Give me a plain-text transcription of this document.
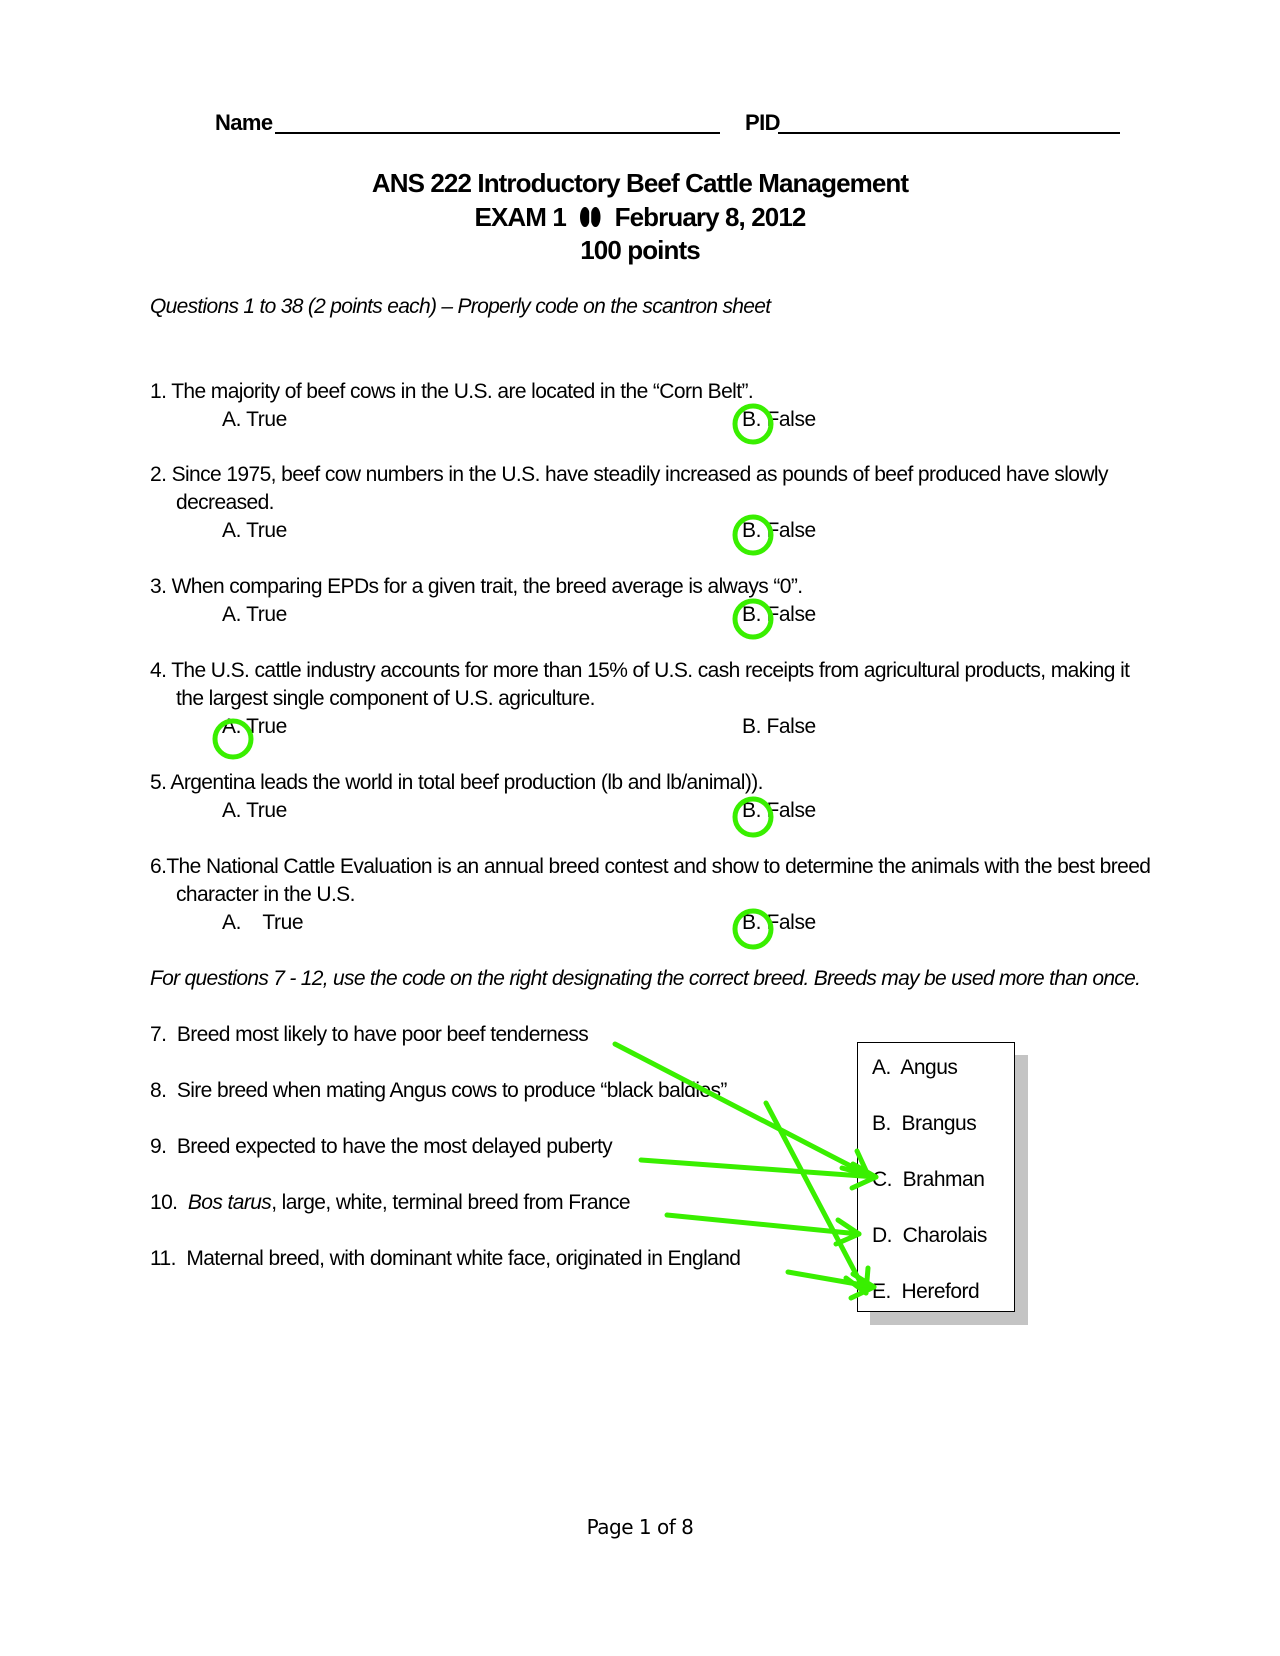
Name	PID
ANS 222 Introductory Beef Cattle Management
EXAM 1 February 8, 2012
100 points
Questions 1 to 38 (2 points each) – Properly code on the scantron sheet
1. The majority of beef cows in the U.S. are located in the “Corn Belt”.
A. True	B. False
2. Since 1975, beef cow numbers in the U.S. have steadily increased as pounds of beef produced have slowly
decreased.
A. True	B. False
3. When comparing EPDs for a given trait, the breed average is always “0”.
A. True	B. False
4. The U.S. cattle industry accounts for more than 15% of U.S. cash receipts from agricultural products, making it
the largest single component of U.S. agriculture.
A. True	B. False
5. Argentina leads the world in total beef production (lb and lb/animal)).
A. True	B. False
6.The National Cattle Evaluation is an annual breed contest and show to determine the animals with the best breed
character in the U.S.
A.    True	B. False
For questions 7 - 12, use the code on the right designating the correct breed. Breeds may be used more than once.
7. Breed most likely to have poor beef tenderness
8. Sire breed when mating Angus cows to produce “black baldies”
9. Breed expected to have the most delayed puberty
10. Bos tarus, large, white, terminal breed from France
11. Maternal breed, with dominant white face, originated in England
A.  Angus
B.  Brangus
C.  Brahman
D.  Charolais
E.  Hereford
Page 1 of 8
